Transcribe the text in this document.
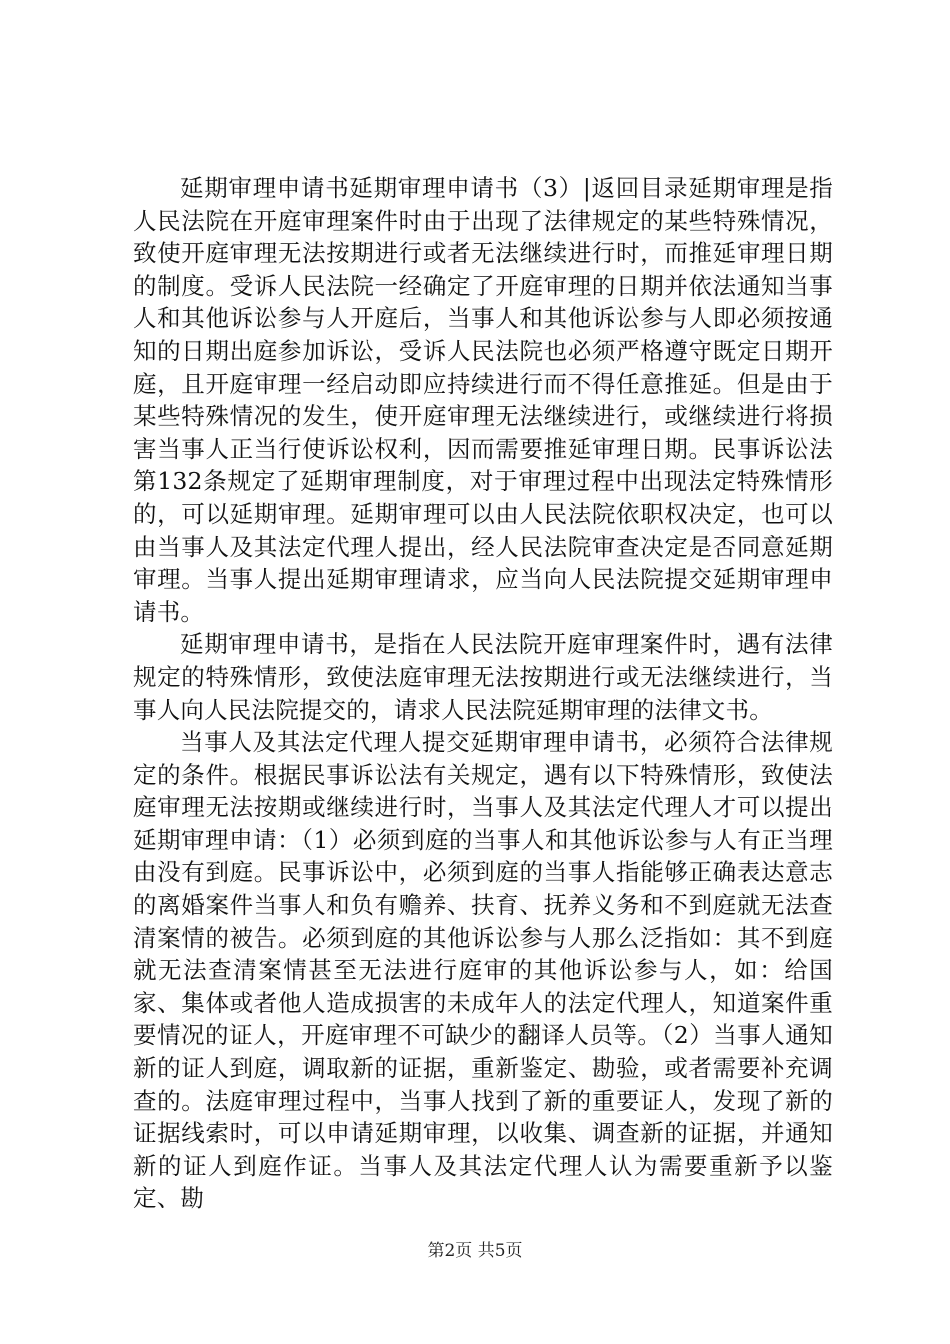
延期审理申请书延期审理申请书（3）|返回目录延期审理是指人民法院在开庭审理案件时由于出现了法律规定的某些特殊情况，致使开庭审理无法按期进行或者无法继续进行时，而推延审理日期的制度。受诉人民法院一经确定了开庭审理的日期并依法通知当事人和其他诉讼参与人开庭后，当事人和其他诉讼参与人即必须按通知的日期出庭参加诉讼，受诉人民法院也必须严格遵守既定日期开庭，且开庭审理一经启动即应持续进行而不得任意推延。但是由于某些特殊情况的发生，使开庭审理无法继续进行，或继续进行将损害当事人正当行使诉讼权利，因而需要推延审理日期。民事诉讼法第132条规定了延期审理制度，对于审理过程中出现法定特殊情形的，可以延期审理。延期审理可以由人民法院依职权决定，也可以由当事人及其法定代理人提出，经人民法院审查决定是否同意延期审理。当事人提出延期审理请求，应当向人民法院提交延期审理申请书。

延期审理申请书，是指在人民法院开庭审理案件时，遇有法律规定的特殊情形，致使法庭审理无法按期进行或无法继续进行，当事人向人民法院提交的，请求人民法院延期审理的法律文书。

当事人及其法定代理人提交延期审理申请书，必须符合法律规定的条件。根据民事诉讼法有关规定，遇有以下特殊情形，致使法庭审理无法按期或继续进行时，当事人及其法定代理人才可以提出延期审理申请：（1）必须到庭的当事人和其他诉讼参与人有正当理由没有到庭。民事诉讼中，必须到庭的当事人指能够正确表达意志的离婚案件当事人和负有赡养、扶育、抚养义务和不到庭就无法查清案情的被告。必须到庭的其他诉讼参与人那么泛指如：其不到庭就无法查清案情甚至无法进行庭审的其他诉讼参与人，如：给国家、集体或者他人造成损害的未成年人的法定代理人，知道案件重要情况的证人，开庭审理不可缺少的翻译人员等。（2）当事人通知新的证人到庭，调取新的证据，重新鉴定、勘验，或者需要补充调查的。法庭审理过程中，当事人找到了新的重要证人，发现了新的证据线索时，可以申请延期审理，以收集、调查新的证据，并通知新的证人到庭作证。当事人及其法定代理人认为需要重新予以鉴定、勘

第2页 共5页
